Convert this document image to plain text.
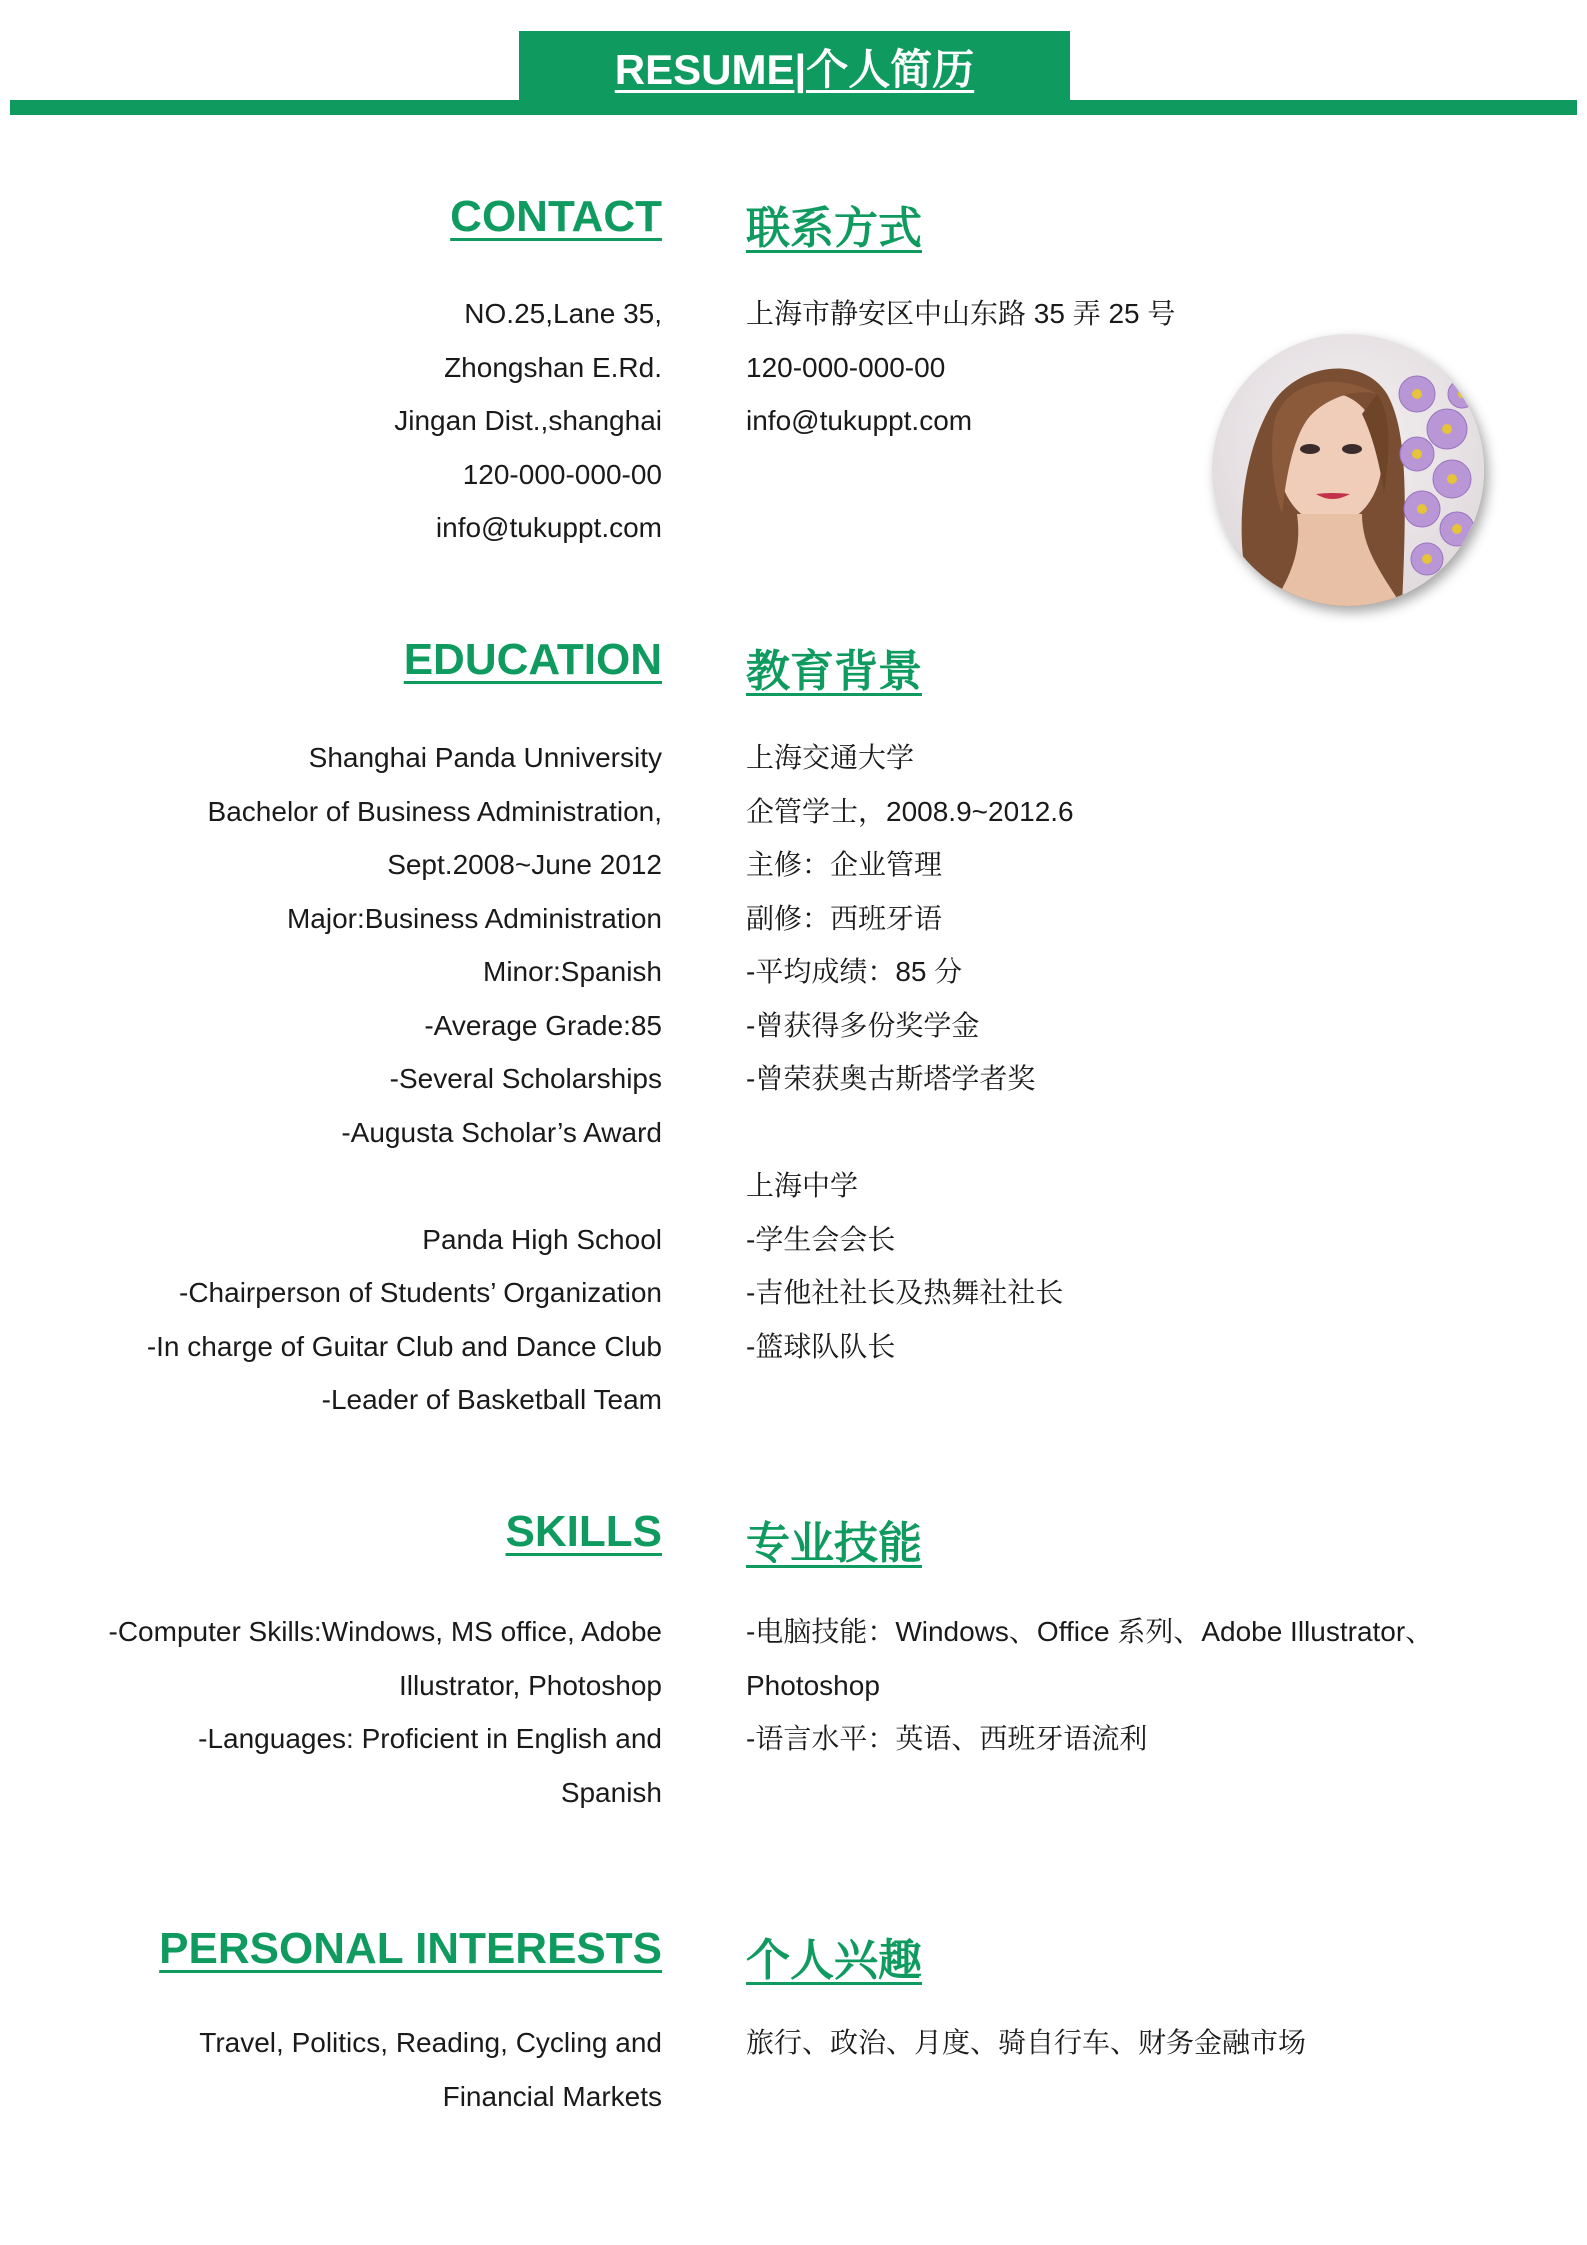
RESUME|个人简历
CONTACT 联系方式
NO.25,Lane 35,
Zhongshan E.Rd.
Jingan Dist.,shanghai
120-000-000-00
info@tukuppt.com
上海市静安区中山东路 35 弄 25 号
120-000-000-00
info@tukuppt.com
EDUCATION 教育背景
Shanghai Panda Unniversity
Bachelor of Business Administration,
Sept.2008~June 2012
Major:Business Administration
Minor:Spanish
-Average Grade:85
-Several Scholarships
-Augusta Scholar’s Award
Panda High School
-Chairperson of Students’ Organization
-In charge of Guitar Club and Dance Club
-Leader of Basketball Team
上海交通大学
企管学士，2008.9~2012.6
主修：企业管理
副修：西班牙语
-平均成绩：85 分
-曾获得多份奖学金
-曾荣获奥古斯塔学者奖
上海中学
-学生会会长
-吉他社社长及热舞社社长
-篮球队队长
SKILLS 专业技能
-Computer Skills:Windows, MS office, Adobe
Illustrator, Photoshop
-Languages: Proficient in English and
Spanish
-电脑技能：Windows、Office 系列、Adobe Illustrator、
Photoshop
-语言水平：英语、西班牙语流利
PERSONAL INTERESTS 个人兴趣
Travel, Politics, Reading, Cycling and
Financial Markets
旅行、政治、月度、骑自行车、财务金融市场
